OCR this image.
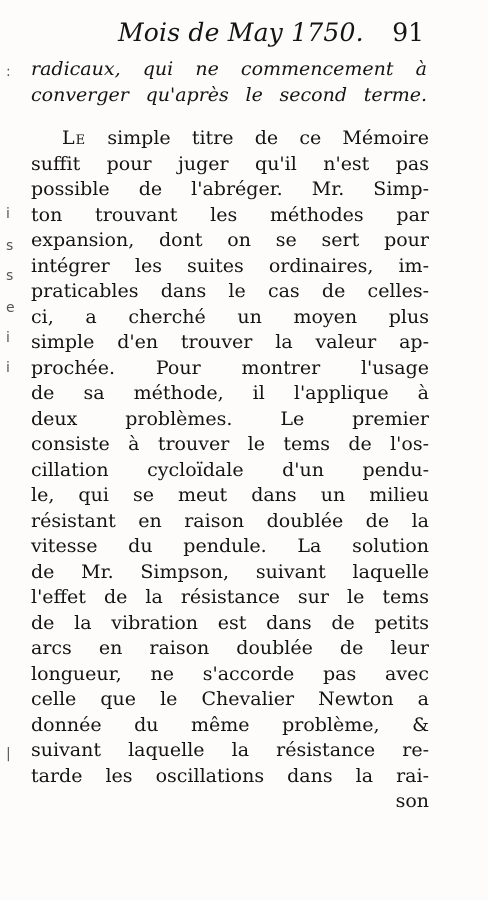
Mois de May 1750. 91
: radicaux, qui ne commencement à
converger qu'après le second terme.
Le simple titre de ce Mémoire
suffit pour juger qu'il n'est pas
possible de l'abréger. Mr. Simp-
ton trouvant les méthodes par
expansion, dont on se sert pour
intégrer les suites ordinaires, im-
praticables dans le cas de celles-
ci, a cherché un moyen plus
simple d'en trouver la valeur ap-
prochée. Pour montrer l'usage
de sa méthode, il l'applique à
deux problèmes. Le premier
consiste à trouver le tems de l'os-
cillation cycloïdale d'un pendu-
le, qui se meut dans un milieu
résistant en raison doublée de la
vitesse du pendule. La solution
de Mr. Simpson, suivant laquelle
l'effet de la résistance sur le tems
de la vibration est dans de petits
arcs en raison doublée de leur
longueur, ne s'accorde pas avec
celle que le Chevalier Newton a
donnée du même problème, &
suivant laquelle la résistance re-
tarde les oscillations dans la rai-
son
i
s
s
e
i
i
|
